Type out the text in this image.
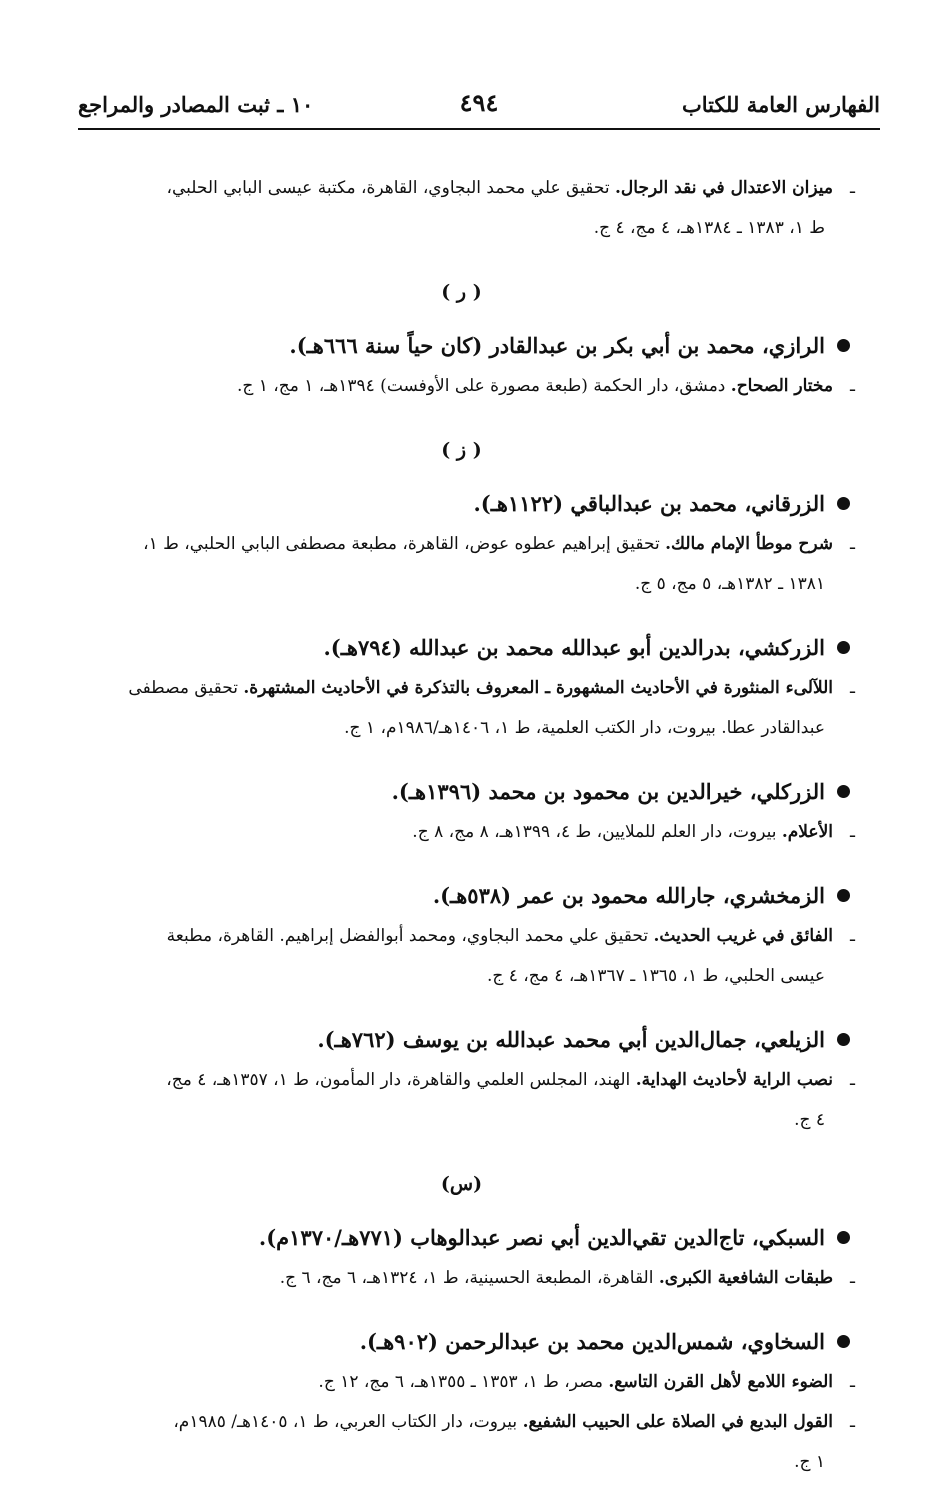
الفهارس العامة للكتاب
٤٩٤
١٠ ـ ثبت المصادر والمراجع
ـميزان الاعتدال في نقد الرجال. تحقيق علي محمد البجاوي، القاهرة، مكتبة عيسى البابي الحلبي،
ط ١، ١٣٨٣ ـ ١٣٨٤هـ، ٤ مج، ٤ ج.
( ر )
الرازي، محمد بن أبي بكر بن عبدالقادر (كان حياً سنة ٦٦٦هـ).
ـمختار الصحاح. دمشق، دار الحكمة (طبعة مصورة على الأوفست) ١٣٩٤هـ، ١ مج، ١ ج.
( ز )
الزرقاني، محمد بن عبدالباقي (١١٢٢هـ).
ـشرح موطأ الإمام مالك. تحقيق إبراهيم عطوه عوض، القاهرة، مطبعة مصطفى البابي الحلبي، ط ١،
١٣٨١ ـ ١٣٨٢هـ، ٥ مج، ٥ ج.
الزركشي، بدرالدين أبو عبدالله محمد بن عبدالله (٧٩٤هـ).
ـاللآلىء المنثورة في الأحاديث المشهورة ـ المعروف بالتذكرة في الأحاديث المشتهرة. تحقيق مصطفى
عبدالقادر عطا. بيروت، دار الكتب العلمية، ط ١، ١٤٠٦هـ/١٩٨٦م، ١ ج.
الزركلي، خيرالدين بن محمود بن محمد (١٣٩٦هـ).
ـالأعلام. بيروت، دار العلم للملايين، ط ٤، ١٣٩٩هـ، ٨ مج، ٨ ج.
الزمخشري، جارالله محمود بن عمر (٥٣٨هـ).
ـالفائق في غريب الحديث. تحقيق علي محمد البجاوي، ومحمد أبوالفضل إبراهيم. القاهرة، مطبعة
عيسى الحلبي، ط ١، ١٣٦٥ ـ ١٣٦٧هـ، ٤ مج، ٤ ج.
الزيلعي، جمال‌الدين أبي محمد عبدالله بن يوسف (٧٦٢هـ).
ـنصب الراية لأحاديث الهداية. الهند، المجلس العلمي والقاهرة، دار المأمون، ط ١، ١٣٥٧هـ، ٤ مج،
٤ ج.
(س)
السبكي، تاج‌الدين تقي‌الدين أبي نصر عبدالوهاب (٧٧١هـ/١٣٧٠م).
ـطبقات الشافعية الكبرى. القاهرة، المطبعة الحسينية، ط ١، ١٣٢٤هـ، ٦ مج، ٦ ج.
السخاوي، شمس‌الدين محمد بن عبدالرحمن (٩٠٢هـ).
ـالضوء اللامع لأهل القرن التاسع. مصر، ط ١، ١٣٥٣ ـ ١٣٥٥هـ، ٦ مج، ١٢ ج.
ـالقول البديع في الصلاة على الحبيب الشفيع. بيروت، دار الكتاب العربي، ط ١، ١٤٠٥هـ/ ١٩٨٥م،
١ ج.
